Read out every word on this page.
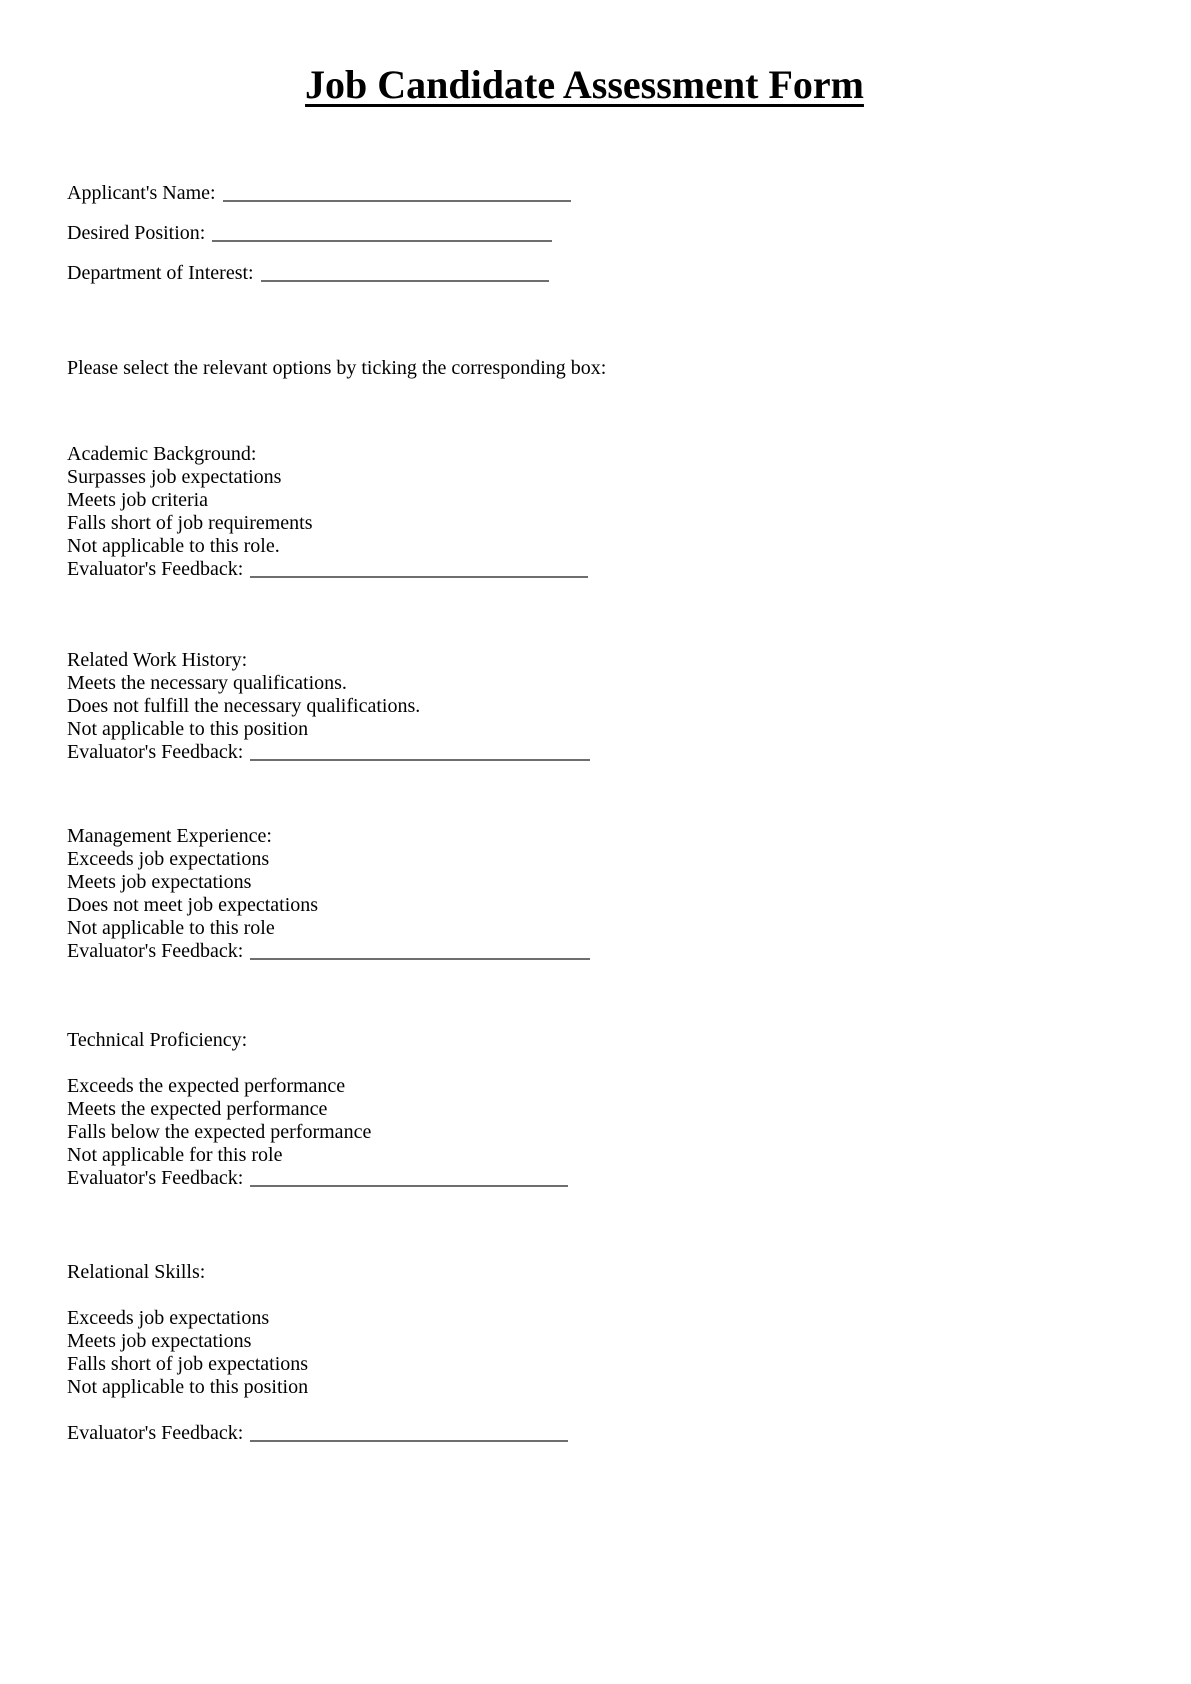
Job Candidate Assessment Form
Applicant's Name:
Desired Position:
Department of Interest:
Please select the relevant options by ticking the corresponding box:
Academic Background:
Surpasses job expectations
Meets job criteria
Falls short of job requirements
Not applicable to this role.
Evaluator's Feedback:
Related Work History:
Meets the necessary qualifications.
Does not fulfill the necessary qualifications.
Not applicable to this position
Evaluator's Feedback:
Management Experience:
Exceeds job expectations
Meets job expectations
Does not meet job expectations
Not applicable to this role
Evaluator's Feedback:
Technical Proficiency:
Exceeds the expected performance
Meets the expected performance
Falls below the expected performance
Not applicable for this role
Evaluator's Feedback:
Relational Skills:
Exceeds job expectations
Meets job expectations
Falls short of job expectations
Not applicable to this position
Evaluator's Feedback:
